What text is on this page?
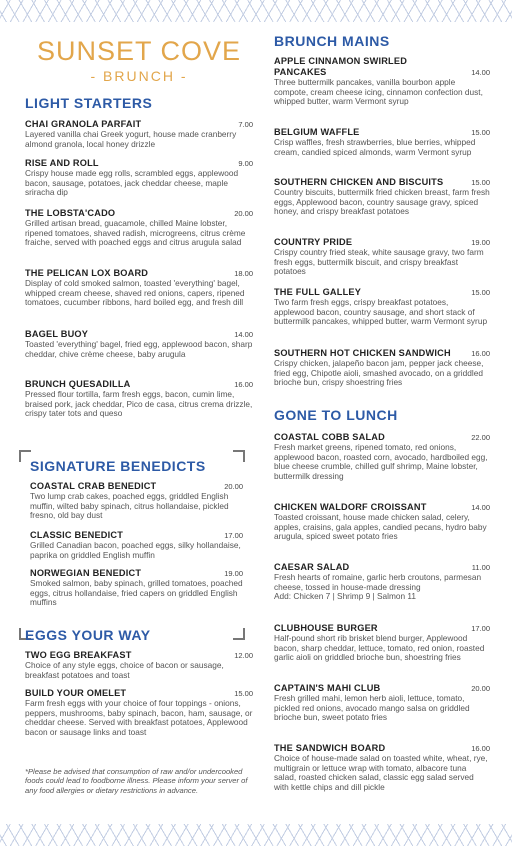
SUNSET COVE
- BRUNCH -
LIGHT STARTERS
CHAI GRANOLA PARFAIT	7.00
Layered vanilla chai Greek yogurt, house made cranberry almond granola, local honey drizzle
RISE AND ROLL	9.00
Crispy house made egg rolls, scrambled eggs, applewood bacon, sausage, potatoes, jack cheddar cheese, maple sriracha dip
THE LOBSTA'CADO	20.00
Grilled artisan bread, guacamole, chilled Maine lobster, ripened tomatoes, shaved radish, microgreens, citrus crème fraiche, served with poached eggs and citrus arugula salad
THE PELICAN LOX BOARD	18.00
Display of cold smoked salmon, toasted 'everything' bagel, whipped cream cheese, shaved red onions, capers, ripened tomatoes, cucumber ribbons, hard boiled egg, and fresh dill
BAGEL BUOY	14.00
Toasted 'everything' bagel, fried egg, applewood bacon, sharp cheddar, chive crème cheese, baby arugula
BRUNCH QUESADILLA	16.00
Pressed flour tortilla, farm fresh eggs, bacon, cumin lime, braised pork, jack cheddar, Pico de casa, citrus crema drizzle, crispy tater tots and queso
SIGNATURE BENEDICTS
COASTAL CRAB BENEDICT	20.00
Two lump crab cakes, poached eggs, griddled English muffin, wilted baby spinach, citrus hollandaise, pickled fresno, old bay dust
CLASSIC BENEDICT	17.00
Grilled Canadian bacon, poached eggs, silky hollandaise, paprika on griddled English muffin
NORWEGIAN BENEDICT	19.00
Smoked salmon, baby spinach, grilled tomatoes, poached eggs, citrus hollandaise, fried capers on griddled English muffins
EGGS YOUR WAY
TWO EGG BREAKFAST	12.00
Choice of any style eggs, choice of bacon or sausage, breakfast potatoes and toast
BUILD YOUR OMELET	15.00
Farm fresh eggs with your choice of four toppings - onions, peppers, mushrooms, baby spinach, bacon, ham, sausage, or cheddar cheese. Served with breakfast potatoes, Applewood bacon or sausage links and toast
*Please be advised that consumption of raw and/or undercooked foods could lead to foodborne illness. Please inform your server of any food allergies or dietary restrictions in advance.
BRUNCH MAINS
APPLE CINNAMON SWIRLED PANCAKES	14.00
Three buttermilk pancakes, vanilla bourbon apple compote, cream cheese icing, cinnamon confection dust, whipped butter, warm Vermont syrup
BELGIUM WAFFLE	15.00
Crisp waffles, fresh strawberries, blue berries, whipped cream, candied spiced almonds, warm Vermont syrup
SOUTHERN CHICKEN AND BISCUITS	15.00
Country biscuits, buttermilk fried chicken breast, farm fresh eggs, Applewood bacon, country sausage gravy, spiced honey, and crispy breakfast potatoes
COUNTRY PRIDE	19.00
Crispy country fried steak, white sausage gravy, two farm fresh eggs, buttermilk biscuit, and crispy breakfast potatoes
THE FULL GALLEY	15.00
Two farm fresh eggs, crispy breakfast potatoes, applewood bacon, country sausage, and short stack of buttermilk pancakes, whipped butter, warm Vermont syrup
SOUTHERN HOT CHICKEN SANDWICH	16.00
Crispy chicken, jalapeño bacon jam, pepper jack cheese, fried egg, Chipotle aioli, smashed avocado, on a griddled brioche bun, crispy shoestring fries
GONE TO LUNCH
COASTAL COBB SALAD	22.00
Fresh market greens, ripened tomato, red onions, applewood bacon, roasted corn, avocado, hardboiled egg, blue cheese crumble, chilled gulf shrimp, Maine lobster, buttermilk dressing
CHICKEN WALDORF CROISSANT	14.00
Toasted croissant, house made chicken salad, celery, apples, craisins, gala apples, candied pecans, hydro baby arugula, spiced sweet potato fries
CAESAR SALAD	11.00
Fresh hearts of romaine, garlic herb croutons, parmesan cheese, tossed in house-made dressing
Add: Chicken 7 | Shrimp 9 | Salmon 11
CLUBHOUSE BURGER	17.00
Half-pound short rib brisket blend burger, Applewood bacon, sharp cheddar, lettuce, tomato, red onion, roasted garlic aioli on griddled brioche bun, shoestring fries
CAPTAIN'S MAHI CLUB	20.00
Fresh grilled mahi, lemon herb aioli, lettuce, tomato, pickled red onions, avocado mango salsa on griddled brioche bun, sweet potato fries
THE SANDWICH BOARD	16.00
Choice of house-made salad on toasted white, wheat, rye, multigrain or lettuce wrap with tomato, albacore tuna salad, roasted chicken salad, classic egg salad served with kettle chips and dill pickle
